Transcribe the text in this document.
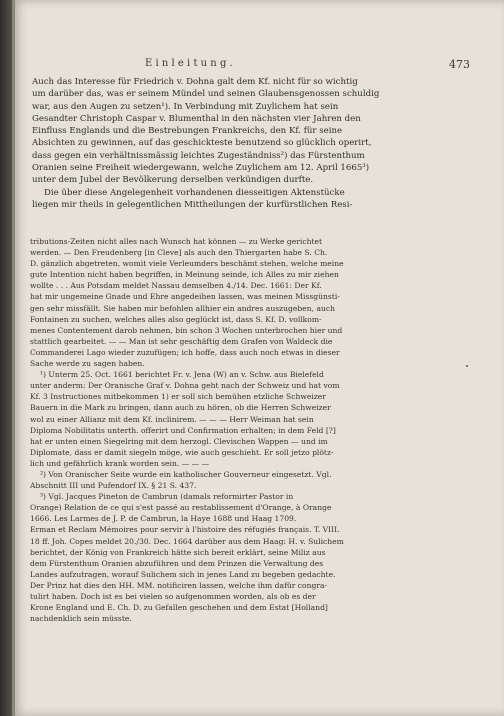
Einleitung.	473
Auch das Interesse für Friedrich v. Dohna galt dem Kf. nicht für so wichtig
um darüber das, was er seinem Mündel und seinen Glaubensgenossen schuldig
war, aus den Augen zu setzen¹). In Verbindung mit Zuylichem hat sein
Gesandter Christoph Caspar v. Blumenthal in den nächsten vier Jahren den
Einfluss Englands und die Bestrebungen Frankreichs, den Kf. für seine
Absichten zu gewinnen, auf das geschickteste benutzend so glücklich operirt,
dass gegen ein verhältnissmässig leichtes Zugeständniss²) das Fürstenthum
Oranien seine Freiheit wiedergewann, welche Zuylichem am 12. April 1665³)
unter dem Jubel der Bevölkerung derselben verkündigen durfte.
Die über diese Angelegenheit vorhandenen diesseitigen Aktenstücke
liegen mir theils in gelegentlichen Mittheilungen der kurfürstlichen Resi-
tributions-Zeiten nicht alles nach Wunsch hat können — zu Werke gerichtet
werden. — Den Freudenberg [in Cleve] als auch den Thiergarten habe S. Ch.
D. gänzlich abgetreten, womit viele Verleumders beschämt stehen, welche meine
gute Intention nicht haben begriffen, in Meinung seinde, ich Alles zu mir ziehen
wollte . . . Aus Potsdam meldet Nassau demselben 4./14. Dec. 1661: Der Kf.
hat mir ungemeine Gnade und Ehre angedeihen lassen, was meinen Missgünsti-
gen sehr missfällt. Sie haben mir befohlen allhier ein andres auszugeben, auch
Fontainen zu suchen, welches alles also geglückt ist, dass S. Kf. D. vollkom-
menes Contentement darob nehmen, bin schon 3 Wochen unterbrochen hier und
stattlich gearbeitet. — — Man ist sehr geschäftig dem Grafen von Waldeck die
Commanderei Lago wieder zuzufügen; ich hoffe, dass auch noch etwas in dieser
Sache werde zu sagen haben.
¹) Unterm 25. Oct. 1661 berichtet Fr. v. Jena (W) an v. Schw. aus Bielefeld
unter anderm: Der Oranische Graf v. Dohna geht nach der Schweiz und hat vom
Kf. 3 Instructiones mitbekommen 1) er soll sich bemühen etzliche Schweizer
Bauern in die Mark zu bringen, dann auch zu hören, ob die Herren Schweizer
wol zu einer Allianz mit dem Kf. inclinirem. — — — Herr Weiman hat sein
Diploma Nobilitatis unterth. offerirt und Confirmation erhalten; in dem Feld [?]
hat er unten einen Siegelring mit dem herzogl. Clevischen Wappen — und im
Diplomate, dass er damit siegeln möge, wie auch geschieht. Er soll jetzo plötz-
lich und gefährlich krank worden sein. — — —
²) Von Oranischer Seite wurde ein katholischer Gouverneur eingesetzt. Vgl.
Abschnitt III und Pufendorf IX. § 21 S. 437.
³) Vgl. Jacques Pineton de Cambrun (damals reformirter Pastor in
Orange) Relation de ce qui s'est passé au restablissement d'Orange, à Orange
1666. Les Larmes de J. P. de Cambrun, la Haye 1688 und Haag 1709.
Erman et Reclam Mémoires pour servir à l'histoire des réfugiés français. T. VIII.
18 ff. Joh. Copes meldet 20./30. Dec. 1664 darüber aus dem Haag: H. v. Sulichem
berichtet, der König von Frankreich hätte sich bereit erklärt, seine Miliz aus
dem Fürstenthum Oranien abzuführen und dem Prinzen die Verwaltung des
Landes aufzutragen, worauf Sulichem sich in jenes Land zu begeben gedachte.
Der Prinz hat dies den HH. MM. notificiren lassen, welche ihm dafür congra-
tulirt haben. Doch ist es bei vielen so aufgenommen worden, als ob es der
Krone England und E. Ch. D. zu Gefallen geschehen und dem Estat [Holland]
nachdenklich sein müsste.
